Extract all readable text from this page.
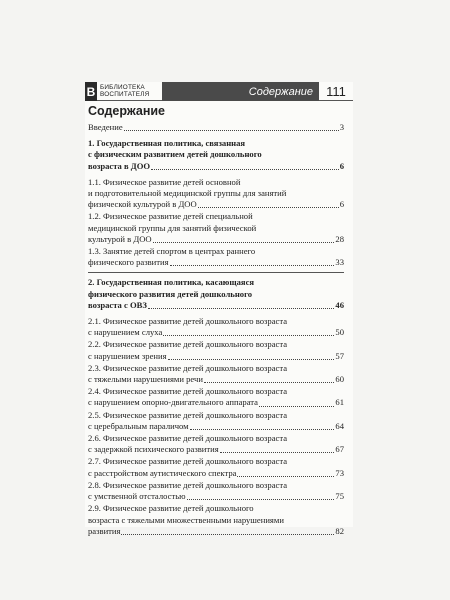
В БИБЛИОТЕКА
ВОСПИТАТЕЛЯ	Содержание	111
Содержание
Введение	3
1. Государственная политика, связанная
с физическим развитием детей дошкольного
возраста в ДОО	6
1.1. Физическое развитие детей основной
и подготовительной медицинской группы для занятий
физической культурой в ДОО	6
1.2. Физическое развитие детей специальной
медицинской группы для занятий физической
культурой в ДОО	28
1.3. Занятие детей спортом в центрах раннего
физического развития	33
2. Государственная политика, касающаяся
физического развития детей дошкольного
возраста с ОВЗ	46
2.1. Физическое развитие детей дошкольного возраста
с нарушением слуха	50
2.2. Физическое развитие детей дошкольного возраста
с нарушением зрения	57
2.3. Физическое развитие детей дошкольного возраста
с тяжелыми нарушениями речи	60
2.4. Физическое развитие детей дошкольного возраста
с нарушением опорно-двигательного аппарата	61
2.5. Физическое развитие детей дошкольного возраста
с церебральным параличом	64
2.6. Физическое развитие детей дошкольного возраста
с задержкой психического развития	67
2.7. Физическое развитие детей дошкольного возраста
с расстройством аутистического спектра	73
2.8. Физическое развитие детей дошкольного возраста
с умственной отсталостью	75
2.9. Физическое развитие детей дошкольного
возраста с тяжелыми множественными нарушениями
развития	82
